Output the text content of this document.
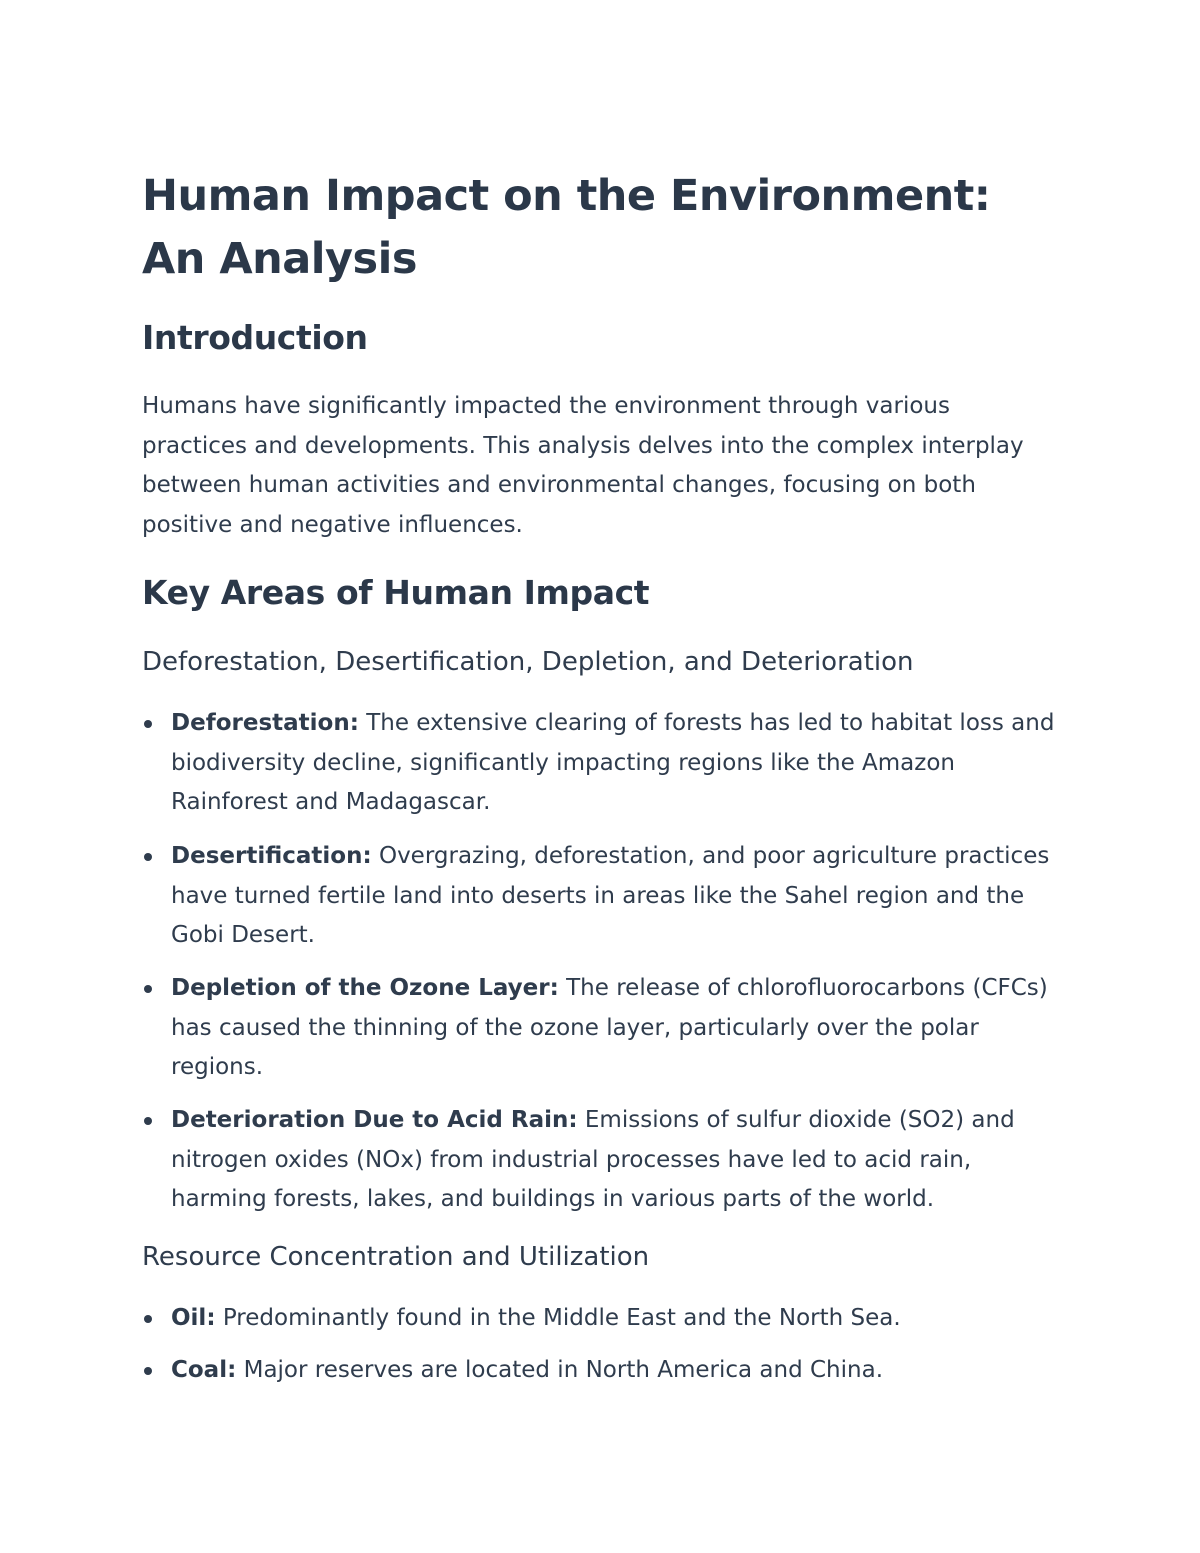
Human Impact on the Environment: An Analysis
Introduction

Humans have significantly impacted the environment through various practices and developments. This analysis delves into the complex interplay between human activities and environmental changes, focusing on both positive and negative influences.

Key Areas of Human Impact
Deforestation, Desertification, Depletion, and Deterioration
Deforestation: The extensive clearing of forests has led to habitat loss and biodiversity decline, significantly impacting regions like the Amazon Rainforest and Madagascar.
Desertification: Overgrazing, deforestation, and poor agriculture practices have turned fertile land into deserts in areas like the Sahel region and the Gobi Desert.
Depletion of the Ozone Layer: The release of chlorofluorocarbons (CFCs) has caused the thinning of the ozone layer, particularly over the polar regions.
Deterioration Due to Acid Rain: Emissions of sulfur dioxide (SO2) and nitrogen oxides (NOx) from industrial processes have led to acid rain, harming forests, lakes, and buildings in various parts of the world.
Resource Concentration and Utilization
Oil: Predominantly found in the Middle East and the North Sea.
Coal: Major reserves are located in North America and China.
